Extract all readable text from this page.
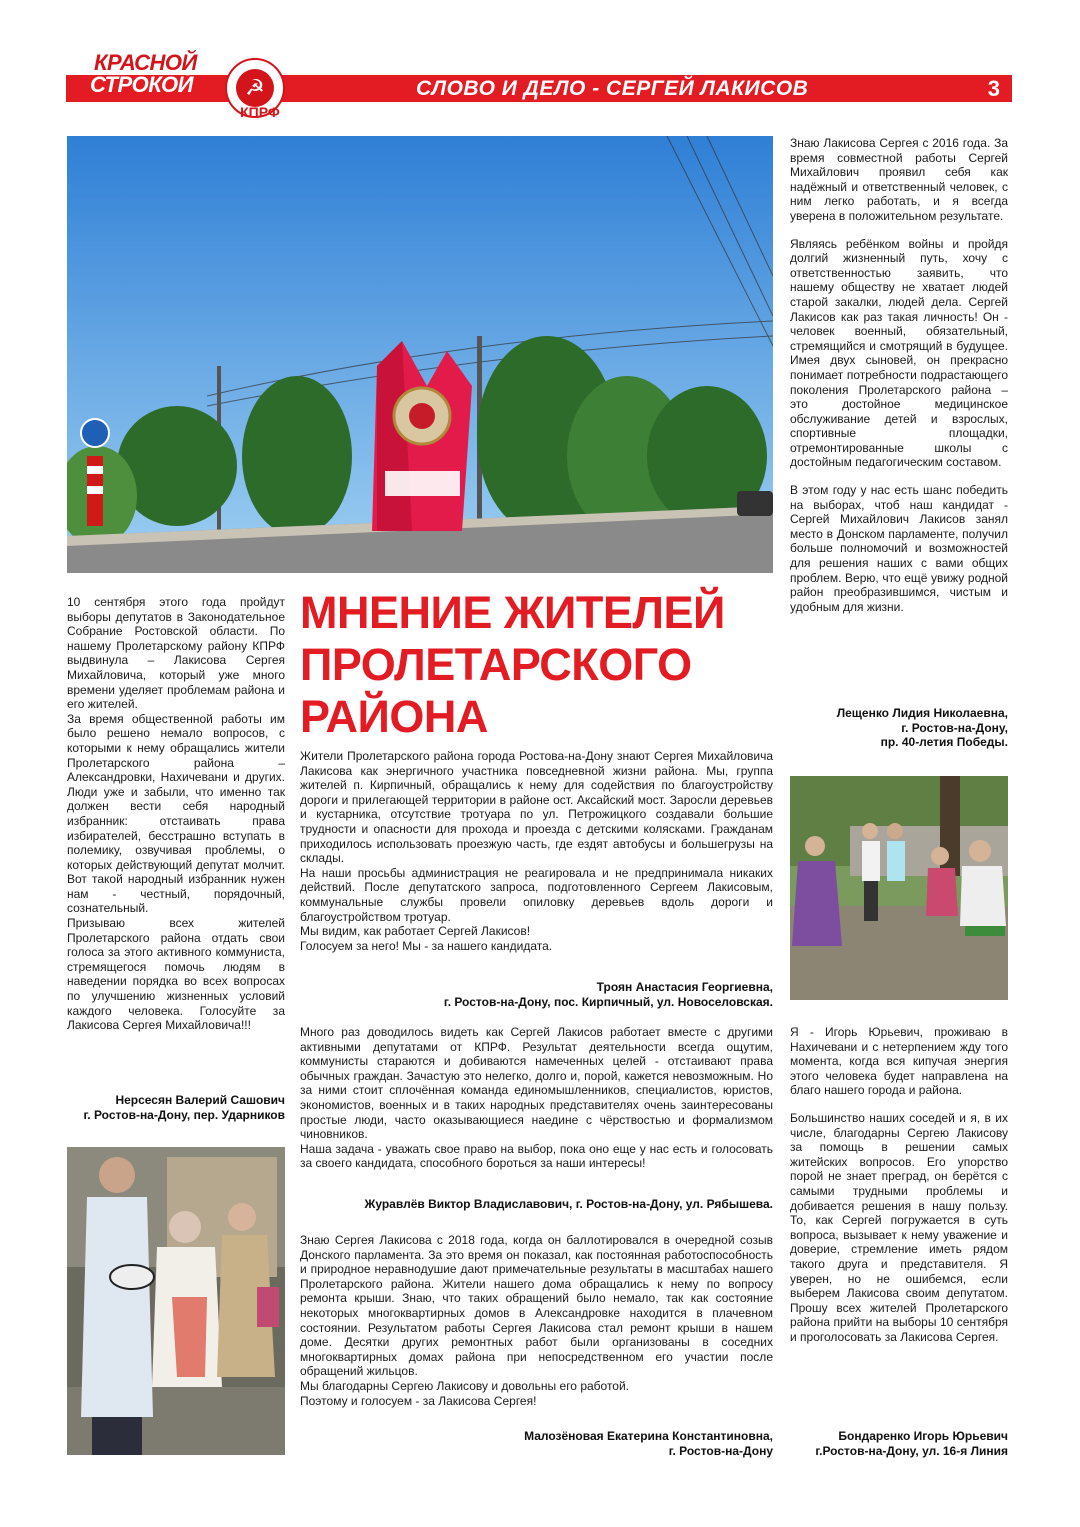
СЛОВО И ДЕЛО - СЕРГЕЙ ЛАКИСОВ	3
КРАСНОЙ
СТРОКОЙ	☭
КПРФ
МНЕНИЕ ЖИТЕЛЕЙ
ПРОЛЕТАРСКОГО
РАЙОНА

10 сентября этого года пройдут выборы депутатов в Законодательное Собрание Ростовской области. По нашему Пролетарскому району КПРФ выдвинула – Лакисова Сергея Михайловича, который уже много времени уделяет проблемам района и его жителей.

За время общественной работы им было решено немало вопросов, с которыми к нему обращались жители Пролетарского района – Александровки, Нахичевани и других. Люди уже и забыли, что именно так должен вести себя народный избранник: отстаивать права избирателей, бесстрашно вступать в полемику, озвучивая проблемы, о которых действующий депутат молчит. Вот такой народный избранник нужен нам - честный, порядочный, сознательный.

Призываю всех жителей Пролетарского района отдать свои голоса за этого активного коммуниста, стремящегося помочь людям в наведении порядка во всех вопросах по улучшению жизненных условий каждого человека. Голосуйте за Лакисова Сергея Михайловича!!!

Нерсесян Валерий Сашович
г. Ростов-на-Дону, пер. Ударников

Жители Пролетарского района города Ростова-на-Дону знают Сергея Михайловича Лакисова как энергичного участника повседневной жизни района. Мы, группа жителей п. Кирпичный, обращались к нему для содействия по благоустройству дороги и прилегающей территории в районе ост. Аксайский мост. Заросли деревьев и кустарника, отсутствие тротуара по ул. Петрожицкого создавали большие трудности и опасности для прохода и проезда с детскими колясками. Гражданам приходилось использовать проезжую часть, где ездят автобусы и большегрузы на склады.

На наши просьбы администрация не реагировала и не предпринимала никаких действий. После депутатского запроса, подготовленного Сергеем Лакисовым, коммунальные службы провели опиловку деревьев вдоль дороги и благоустройством тротуар.

Мы видим, как работает Сергей Лакисов!

Голосуем за него! Мы - за нашего кандидата.

Троян Анастасия Георгиевна,
г. Ростов-на-Дону, пос. Кирпичный, ул. Новоселовская.

Много раз доводилось видеть как Сергей Лакисов работает вместе с другими активными депутатами от КПРФ. Результат деятельности всегда ощутим, коммунисты стараются и добиваются намеченных целей - отстаивают права обычных граждан. Зачастую это нелегко, долго и, порой, кажется невозможным. Но за ними стоит сплочённая команда единомышленников, специалистов, юристов, экономистов, военных и в таких народных представителях очень заинтересованы простые люди, часто оказывающиеся наедине с чёрствостью и формализмом чиновников.

Наша задача - уважать свое право на выбор, пока оно еще у нас есть и голосовать за своего кандидата, способного бороться за наши интересы!

Журавлёв Виктор Владиславович, г. Ростов-на-Дону, ул. Рябышева.

Знаю Сергея Лакисова с 2018 года, когда он баллотировался в очередной созыв Донского парламента. За это время он показал, как постоянная работоспособность и природное неравнодушие дают примечательные результаты в масштабах нашего Пролетарского района. Жители нашего дома обращались к нему по вопросу ремонта крыши. Знаю, что таких обращений было немало, так как состояние некоторых многоквартирных домов в Александровке находится в плачевном состоянии. Результатом работы Сергея Лакисова стал ремонт крыши в нашем доме. Десятки других ремонтных работ были организованы в соседних многоквартирных домах района при непосредственном его участии после обращений жильцов.

Мы благодарны Сергею Лакисову и довольны его работой.

Поэтому и голосуем - за Лакисова Сергея!

Малозёновая Екатерина Константиновна,
г. Ростов-на-Дону

Знаю Лакисова Сергея с 2016 года. За время совместной работы Сергей Михайлович проявил себя как надёжный и ответственный человек, с ним легко работать, и я всегда уверена в положительном результате.

Являясь ребёнком войны и пройдя долгий жизненный путь, хочу с ответственностью заявить, что нашему обществу не хватает людей старой закалки, людей дела. Сергей Лакисов как раз такая личность! Он - человек военный, обязательный, стремящийся и смотрящий в будущее. Имея двух сыновей, он прекрасно понимает потребности подрастающего поколения Пролетарского района – это достойное медицинское обслуживание детей и взрослых, спортивные площадки, отремонтированные школы с достойным педагогическим составом.

В этом году у нас есть шанс победить на выборах, чтоб наш кандидат - Сергей Михайлович Лакисов занял место в Донском парламенте, получил больше полномочий и возможностей для решения наших с вами общих проблем. Верю, что ещё увижу родной район преобразившимся, чистым и удобным для жизни.

Лещенко Лидия Николаевна,
г. Ростов-на-Дону,
пр. 40-летия Победы.

Я - Игорь Юрьевич, проживаю в Нахичевани и с нетерпением жду того момента, когда вся кипучая энергия этого человека будет направлена на благо нашего города и района.

Большинство наших соседей и я, в их числе, благодарны Сергею Лакисову за помощь в решении самых житейских вопросов. Его упорство порой не знает преград, он берётся с самыми трудными проблемы и добивается решения в нашу пользу. То, как Сергей погружается в суть вопроса, вызывает к нему уважение и доверие, стремление иметь рядом такого друга и представителя. Я уверен, но не ошибемся, если выберем Лакисова своим депутатом. Прошу всех жителей Пролетарского района прийти на выборы 10 сентября и проголосовать за Лакисова Сергея.

Бондаренко Игорь Юрьевич
г.Ростов-на-Дону, ул. 16-я Линия
